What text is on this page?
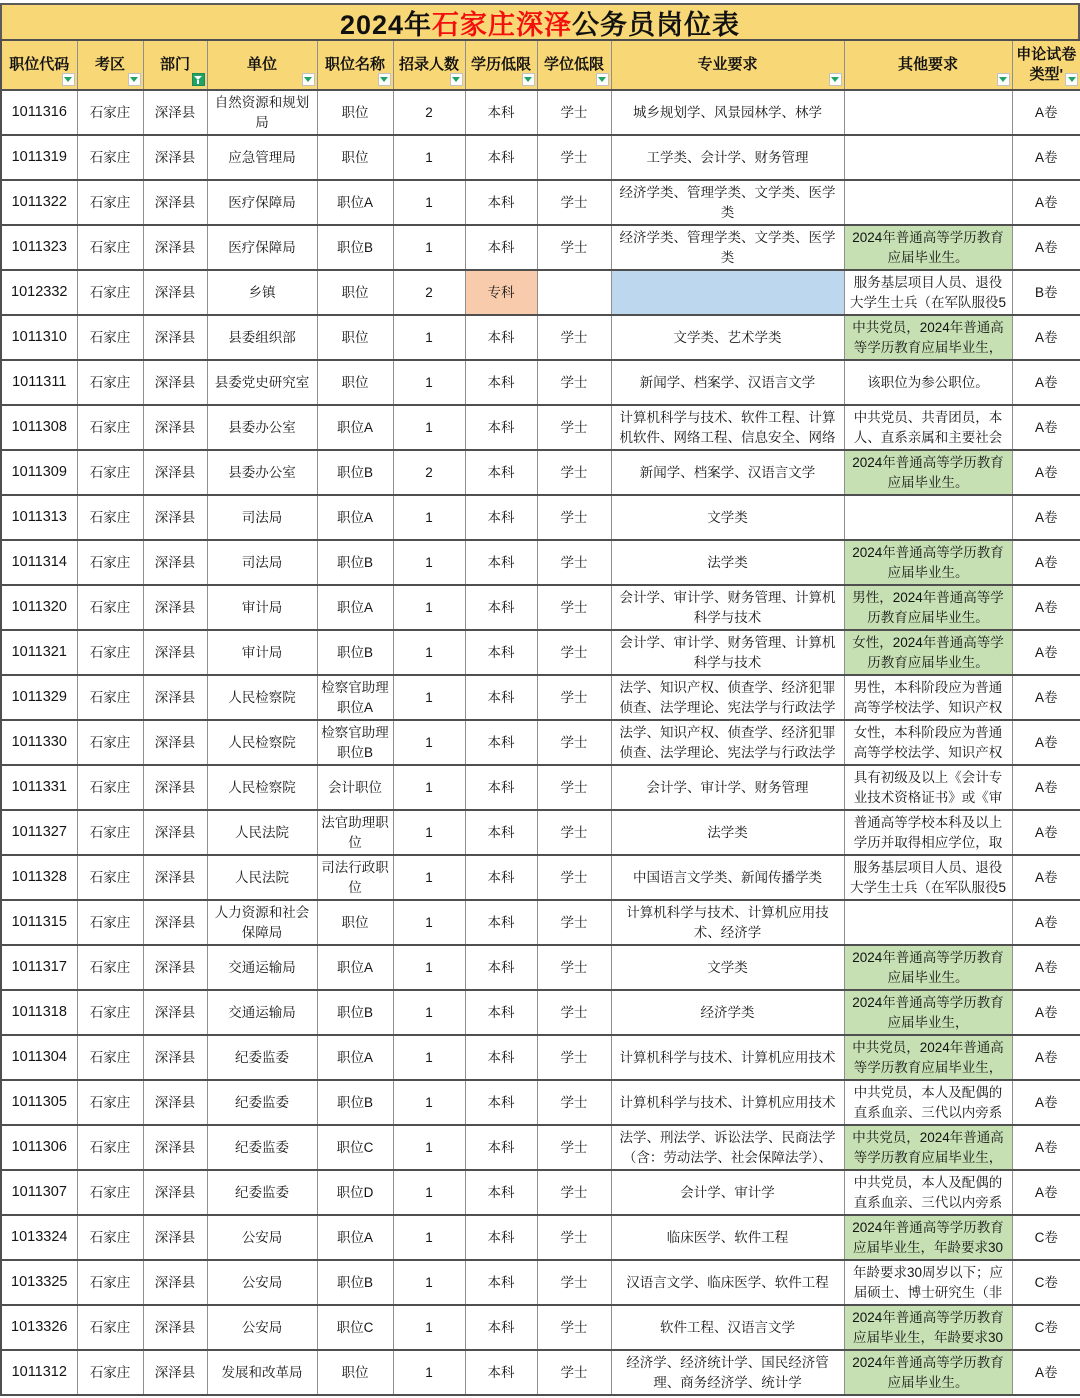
2024年 石家庄深泽 公务员岗位表
职位代码	考区	部门	单位	职位名称	招录人数	学历低限	学位低限	专业要求	其他要求	申论试卷类型'

1011316	石家庄	深泽县	自然资源和规划局	职位	2	本科	学士	城乡规划学、风景园林学、林学		A卷
1011319	石家庄	深泽县	应急管理局	职位	1	本科	学士	工学类、会计学、财务管理		A卷
1011322	石家庄	深泽县	医疗保障局	职位A	1	本科	学士	经济学类、管理学类、文学类、医学类		A卷
1011323	石家庄	深泽县	医疗保障局	职位B	1	本科	学士	经济学类、管理学类、文学类、医学类	2024年普通高等学历教育应届毕业生。	A卷
1012332	石家庄	深泽县	乡镇	职位	2	专科			服务基层项目人员、退役大学生士兵（在军队服役5	B卷
1011310	石家庄	深泽县	县委组织部	职位	1	本科	学士	文学类、艺术学类	中共党员，2024年普通高等学历教育应届毕业生，	A卷
1011311	石家庄	深泽县	县委党史研究室	职位	1	本科	学士	新闻学、档案学、汉语言文学	该职位为参公职位。	A卷
1011308	石家庄	深泽县	县委办公室	职位A	1	本科	学士	计算机科学与技术、软件工程、计算机软件、网络工程、信息安全、网络	中共党员、共青团员，本人、直系亲属和主要社会	A卷
1011309	石家庄	深泽县	县委办公室	职位B	2	本科	学士	新闻学、档案学、汉语言文学	2024年普通高等学历教育应届毕业生。	A卷
1011313	石家庄	深泽县	司法局	职位A	1	本科	学士	文学类		A卷
1011314	石家庄	深泽县	司法局	职位B	1	本科	学士	法学类	2024年普通高等学历教育应届毕业生。	A卷
1011320	石家庄	深泽县	审计局	职位A	1	本科	学士	会计学、审计学、财务管理、计算机科学与技术	男性，2024年普通高等学历教育应届毕业生。	A卷
1011321	石家庄	深泽县	审计局	职位B	1	本科	学士	会计学、审计学、财务管理、计算机科学与技术	女性，2024年普通高等学历教育应届毕业生。	A卷
1011329	石家庄	深泽县	人民检察院	检察官助理职位A	1	本科	学士	法学、知识产权、侦查学、经济犯罪侦查、法学理论、宪法学与行政法学	男性，本科阶段应为普通高等学校法学、知识产权	A卷
1011330	石家庄	深泽县	人民检察院	检察官助理职位B	1	本科	学士	法学、知识产权、侦查学、经济犯罪侦查、法学理论、宪法学与行政法学	女性，本科阶段应为普通高等学校法学、知识产权	A卷
1011331	石家庄	深泽县	人民检察院	会计职位	1	本科	学士	会计学、审计学、财务管理	具有初级及以上《会计专业技术资格证书》或《审	A卷
1011327	石家庄	深泽县	人民法院	法官助理职位	1	本科	学士	法学类	普通高等学校本科及以上学历并取得相应学位，取	A卷
1011328	石家庄	深泽县	人民法院	司法行政职位	1	本科	学士	中国语言文学类、新闻传播学类	服务基层项目人员、退役大学生士兵（在军队服役5	A卷
1011315	石家庄	深泽县	人力资源和社会保障局	职位	1	本科	学士	计算机科学与技术、计算机应用技术、经济学		A卷
1011317	石家庄	深泽县	交通运输局	职位A	1	本科	学士	文学类	2024年普通高等学历教育应届毕业生。	A卷
1011318	石家庄	深泽县	交通运输局	职位B	1	本科	学士	经济学类	2024年普通高等学历教育应届毕业生，	A卷
1011304	石家庄	深泽县	纪委监委	职位A	1	本科	学士	计算机科学与技术、计算机应用技术	中共党员，2024年普通高等学历教育应届毕业生，	A卷
1011305	石家庄	深泽县	纪委监委	职位B	1	本科	学士	计算机科学与技术、计算机应用技术	中共党员，本人及配偶的直系血亲、三代以内旁系	A卷
1011306	石家庄	深泽县	纪委监委	职位C	1	本科	学士	法学、刑法学、诉讼法学、民商法学（含：劳动法学、社会保障法学）、	中共党员，2024年普通高等学历教育应届毕业生，	A卷
1011307	石家庄	深泽县	纪委监委	职位D	1	本科	学士	会计学、审计学	中共党员，本人及配偶的直系血亲、三代以内旁系	A卷
1013324	石家庄	深泽县	公安局	职位A	1	本科	学士	临床医学、软件工程	2024年普通高等学历教育应届毕业生，年龄要求30	C卷
1013325	石家庄	深泽县	公安局	职位B	1	本科	学士	汉语言文学、临床医学、软件工程	年龄要求30周岁以下；应届硕士、博士研究生（非	C卷
1013326	石家庄	深泽县	公安局	职位C	1	本科	学士	软件工程、汉语言文学	2024年普通高等学历教育应届毕业生，年龄要求30	C卷
1011312	石家庄	深泽县	发展和改革局	职位	1	本科	学士	经济学、经济统计学、国民经济管理、商务经济学、统计学	2024年普通高等学历教育应届毕业生。	A卷
